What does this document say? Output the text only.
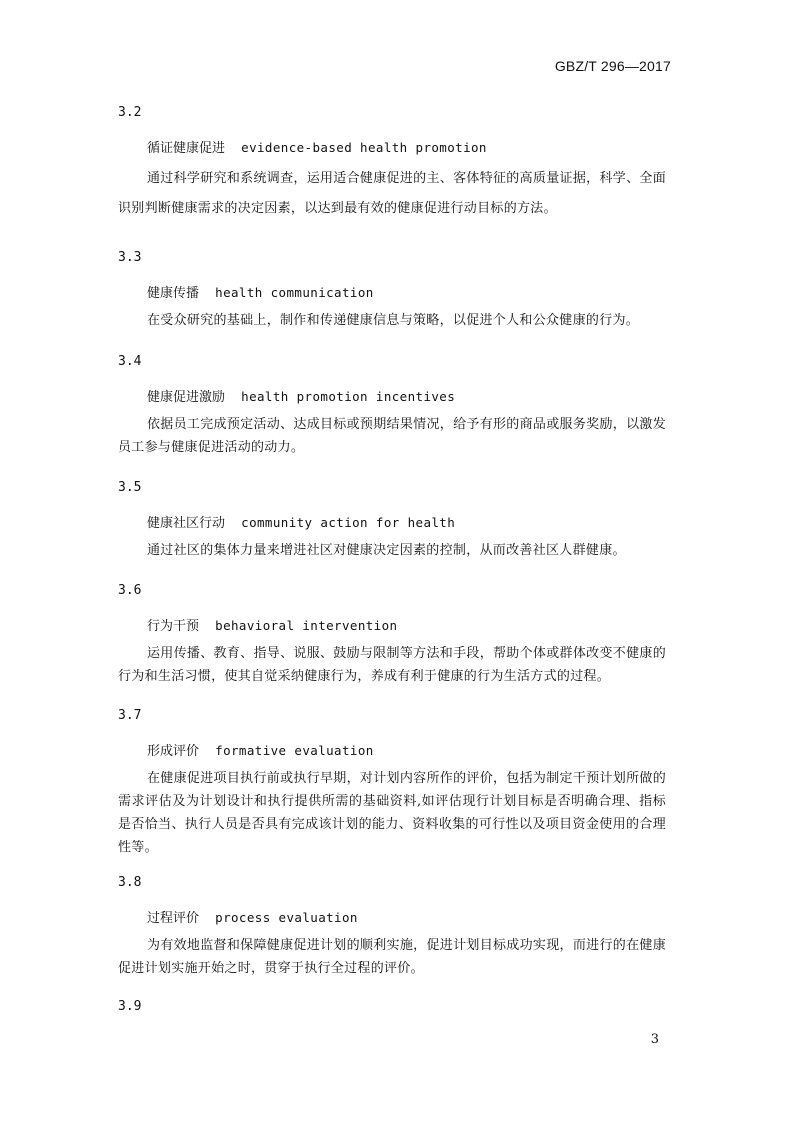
GBZ/T 296—2017
3.2
循证健康促进 evidence-based health promotion

通过科学研究和系统调查，运用适合健康促进的主、客体特征的高质量证据，科学、全面识别判断健康需求的决定因素，以达到最有效的健康促进行动目标的方法。

3.3
健康传播 health communication

在受众研究的基础上，制作和传递健康信息与策略，以促进个人和公众健康的行为。

3.4
健康促进激励 health promotion incentives

依据员工完成预定活动、达成目标或预期结果情况，给予有形的商品或服务奖励，以激发员工参与健康促进活动的动力。

3.5
健康社区行动 community action for health

通过社区的集体力量来增进社区对健康决定因素的控制，从而改善社区人群健康。

3.6
行为干预 behavioral intervention

运用传播、教育、指导、说服、鼓励与限制等方法和手段，帮助个体或群体改变不健康的行为和生活习惯，使其自觉采纳健康行为，养成有利于健康的行为生活方式的过程。

3.7
形成评价 formative evaluation

在健康促进项目执行前或执行早期，对计划内容所作的评价，包括为制定干预计划所做的需求评估及为计划设计和执行提供所需的基础资料,如评估现行计划目标是否明确合理、指标是否恰当、执行人员是否具有完成该计划的能力、资料收集的可行性以及项目资金使用的合理性等。

3.8
过程评价 process evaluation

为有效地监督和保障健康促进计划的顺利实施，促进计划目标成功实现，而进行的在健康促进计划实施开始之时，贯穿于执行全过程的评价。

3.9
3
